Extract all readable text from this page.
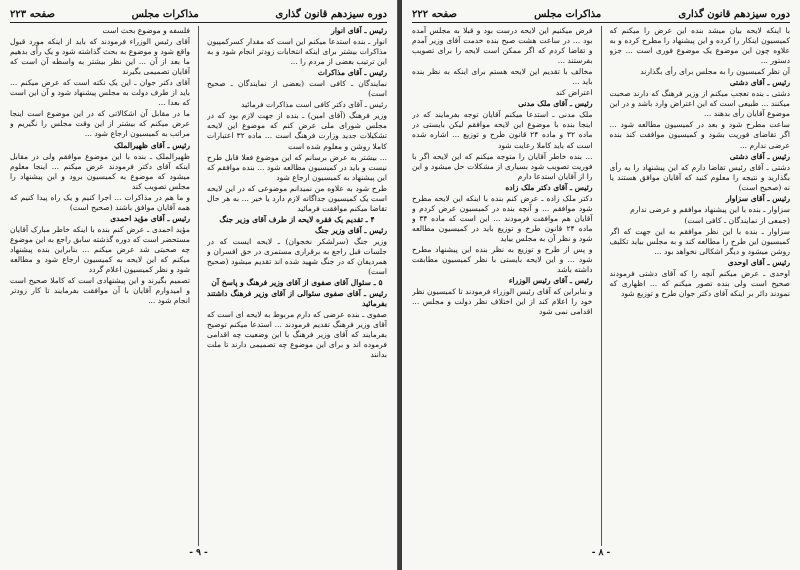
دوره سیزدهم قانون گذاری
مذاکرات مجلس
صفحه ۲۲۳

رئیس ـ آقای انوار

انوار ـ بنده استدعا میکنم این است که مقدار کسرکمپیون مذاکرات بیشتر برای اینکه انتخابات زودتر انجام شود و به این ترتیب بعضی از مردم را ...

رئیس ـ آقای مذاکرات

نمایندگان ـ کافی است (بعضی از نمایندگان ـ صحیح است)

رئیس ـ آقای دکتر کافی است مذاکرات فرمائید

وزیر فرهنگ (آقای امین) ـ بنده از جهت لازم بود که در مجلس شورای ملی عرض کنم که موضوع این لایحه تشکیلات جدید وزارت فرهنگ است ... ماده ۳۲ اعتبارات کاملا روشن و معلوم شده است

... بیشتر به عرض برسانم که این موضوع فعلا قابل طرح نیست و باید در کمیسیون مطالعه شود ... بنده موافقم که این پیشنهاد به کمیسیون ارجاع شود

طرح شود به علاوه من نمیدانم موضوعی که در این لایحه است یک کمیسیون جداگانه لازم دارد یا خیر ... به هر حال تقاضا میکنم موافقت فرمائید

۴ ـ تقدیم یک فقره لایحه از طرف آقای وزیر جنگ

رئیس ـ آقای وزیر جنگ

وزیر جنگ (سرلشکر نخجوان) ـ لایحه ایست که در جلسات قبل راجع به برقراری مستمری در حق افسران و همردیفان که در جنگ شهید شده اند تقدیم میشود (صحیح است)

۵ ـ سئوال آقای صفوی از آقای وزیر فرهنگ و پاسخ آن

رئیس ـ آقای صفوی سئوالی از آقای وزیر فرهنگ داشتند بفرمائید

صفوی ـ بنده عرضی که دارم مربوط به لایحه ای است که آقای وزیر فرهنگ تقدیم فرمودند ... استدعا میکنم توضیح بفرمایند که آقای وزیر فرهنگ با این وضعیت چه اقدامی فرموده اند و برای این موضوع چه تصمیمی دارند تا ملت بدانند

فلسفه و موضوع بحث است

آقای رئیس الوزراء فرمودند که باید از اینکه مورد قبول واقع شود و موضوع به بحث گذاشته شود و یک رأی بدهیم ما بعد از آن ... این نظر بیشتر به واسطه آن است که آقایان تصمیمی بگیرند

آقای دکتر جوان ـ این یک نکته است که عرض میکنم ... باید از طرف دولت به مجلس پیشنهاد شود و آن این است که بعدا ...

ما در مقابل آن اشکالاتی که در این موضوع است اینجا عرض میکنم که بیشتر از این وقت مجلس را نگیریم و مراتب به کمیسیون ارجاع شود ...

رئیس ـ آقای ظهیرالملک

ظهیرالملک ـ بنده با این موضوع موافقم ولی در مقابل اینکه آقای دکتر فرمودند عرض میکنم ... اینجا معلوم میشود که موضوع به کمیسیون برود و این پیشنهاد را مجلس تصویب کند

و ما هم در مذاکرات ... اجرا کنیم و یک راه پیدا کنیم که همه آقایان موافق باشند (صحیح است)

رئیس ـ آقای مؤید احمدی

مؤید احمدی ـ عرض کنم بنده با اینکه خاطر مبارک آقایان مستحضر است که دوره گذشته سابق راجع به این موضوع چه صحبتی شد عرض میکنم ... بنابراین بنده پیشنهاد میکنم که این لایحه به کمیسیون ارجاع شود و مطالعه شود و نظر کمیسیون اعلام گردد

تصمیم بگیرند و این پیشنهادی است که کاملا صحیح است و امیدوارم آقایان با آن موافقت بفرمایند تا کار زودتر انجام شود ...

- ۹ -
دوره سیزدهم قانون گذاری
مذاکرات مجلس
صفحه ۲۲۲

با اینکه لایحه بیان میشد بنده این عرض را میکنم که کمیسیون اینکار را کرده و این پیشنهاد را مطرح کرده و به علاوه چون این موضوع یک موضوع فوری است ... جزو دستور ...

آن نظر کمیسیون را به مجلس برای رأی بگذارند

رئیس ـ آقای دشتی

دشتی ـ بنده تعجب میکنم از وزیر فرهنگ که دارند صحبت میکنند ... طبیعی است که این اعتراض وارد باشد و در این موضوع آقایان رأی بدهند ...

ساعت مطرح شود و بعد در کمیسیون مطالعه شود ... اگر تقاضای فوریت بشود و کمیسیون موافقت کند بنده عرضی ندارم ...

رئیس ـ آقای دشتی

دشتی ـ آقای رئیس تقاضا دارم که این پیشنهاد را به رأی بگذارید و نتیجه را معلوم کنید که آقایان موافق هستند یا نه (صحیح است)

رئیس ـ آقای سزاوار

سزاوار ـ بنده با این پیشنهاد موافقم و عرضی ندارم

(جمعی از نمایندگان ـ کافی است)

سزاوار ـ بنده با این نظر موافقم به این جهت که اگر کمیسیون این طرح را مطالعه کند و به مجلس بیاید تکلیف روشن میشود و دیگر اشکالی نخواهد بود ...

رئیس ـ آقای اوحدی

اوحدی ـ عرض میکنم آنچه را که آقای دشتی فرمودند صحیح است ولی بنده تصور میکنم که ... اظهاری که نمودند دائر بر اینکه آقای دکتر جوان طرح و توزیع شود

فرض میکنیم این لایحه درست بود و قبلا به مجلس آمده بود ... در ساعت هشت صبح بنده خدمت آقای وزیر آمدم و تقاضا کردم که اگر ممکن است لایحه را برای تصویب بفرستند ...

مخالف با تقدیم این لایحه هستم برای اینکه به نظر بنده باید ...

اعتراض کند

رئیس ـ آقای ملک مدنی

ملک مدنی ـ استدعا میکنم آقایان توجه بفرمایند که در اینجا بنده با موضوع این لایحه موافقم لیکن بایستی در ماده ۳۲ و ماده ۲۴ قانون طرح و توزیع ... اشاره شده است که باید کاملا رعایت شود

... بنده خاطر آقایان را متوجه میکنم که این لایحه اگر با فوریت تصویب شود بسیاری از مشکلات حل میشود و این را از آقایان استدعا دارم

رئیس ـ آقای دکتر ملک زاده

دکتر ملک زاده ـ عرض کنم بنده با اینکه این لایحه مطرح شود موافقم ... و آنچه بنده در کمیسیون عرض کردم و آقایان هم موافقت فرمودند ... این است که ماده ۳۴ و ماده ۲۴ قانون طرح و توزیع باید در کمیسیون مطالعه شود و نظر آن به مجلس بیاید

و پس از طرح و توزیع به نظر بنده این پیشنهاد مطرح شود ... و این لایحه بایستی با نظر کمیسیون مطابقت داشته باشد

رئیس ـ آقای رئیس الوزراء

و بنابراین که آقای رئیس الوزراء فرمودند تا کمیسیون نظر خود را اعلام کند از این اختلاف نظر دولت و مجلس ... اقدامی نمی شود

- ۸ -
